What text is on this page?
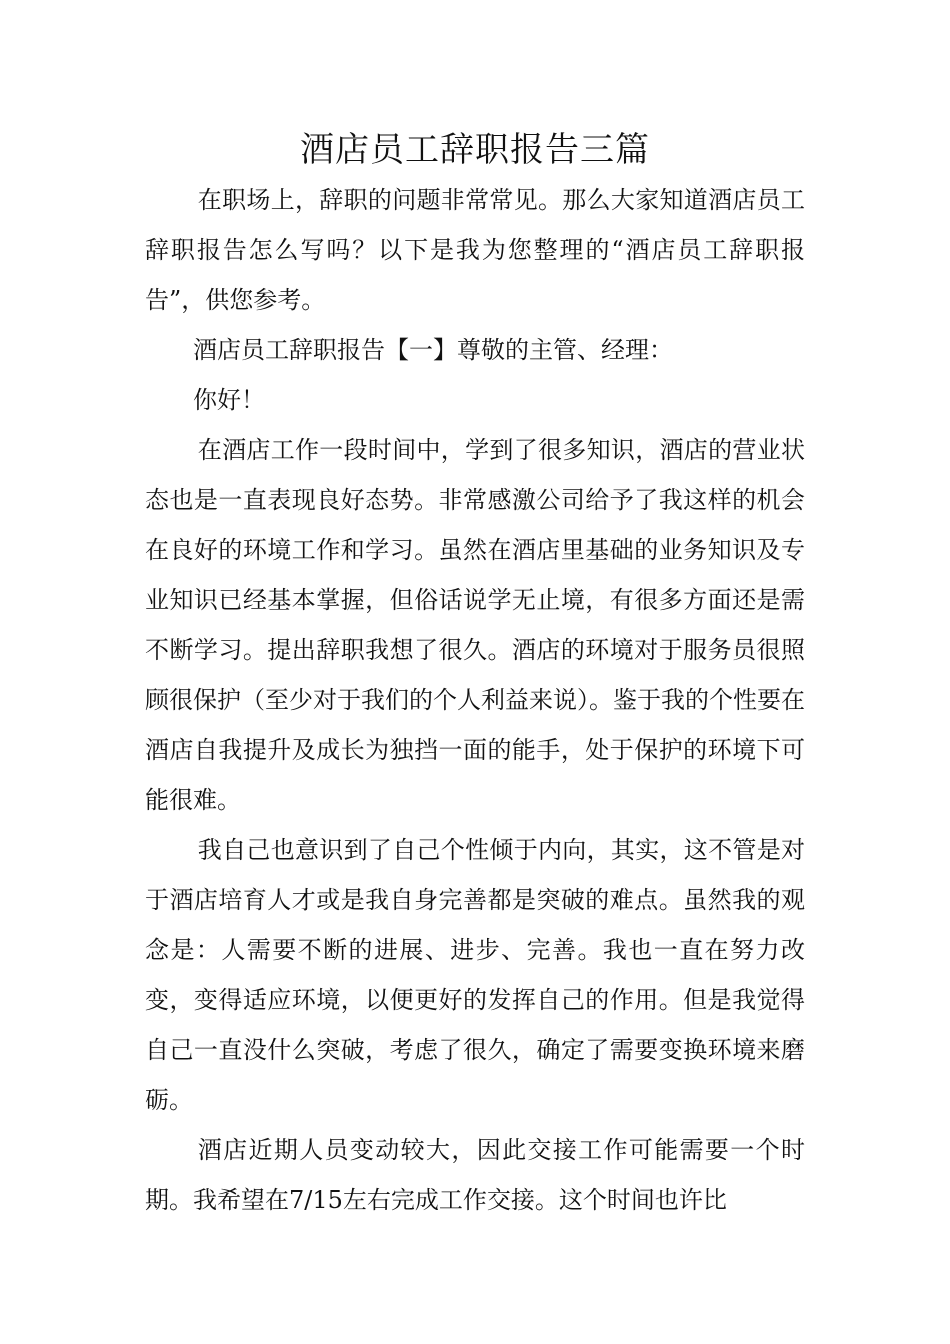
酒店员工辞职报告三篇

在职场上，辞职的问题非常常见。那么大家知道酒店员工辞职报告怎么写吗？以下是我为您整理的“酒店员工辞职报告”，供您参考。

酒店员工辞职报告【一】尊敬的主管、经理：

你好！

在酒店工作一段时间中，学到了很多知识，酒店的营业状态也是一直表现良好态势。非常感激公司给予了我这样的机会在良好的环境工作和学习。虽然在酒店里基础的业务知识及专业知识已经基本掌握，但俗话说学无止境，有很多方面还是需不断学习。提出辞职我想了很久。酒店的环境对于服务员很照顾很保护（至少对于我们的个人利益来说）。鉴于我的个性要在酒店自我提升及成长为独挡一面的能手，处于保护的环境下可能很难。

我自己也意识到了自己个性倾于内向，其实，这不管是对于酒店培育人才或是我自身完善都是突破的难点。虽然我的观念是：人需要不断的进展、进步、完善。我也一直在努力改变，变得适应环境，以便更好的发挥自己的作用。但是我觉得自己一直没什么突破，考虑了很久，确定了需要变换环境来磨砺。

酒店近期人员变动较大，因此交接工作可能需要一个时期。我希望在7/15左右完成工作交接。这个时间也许比
